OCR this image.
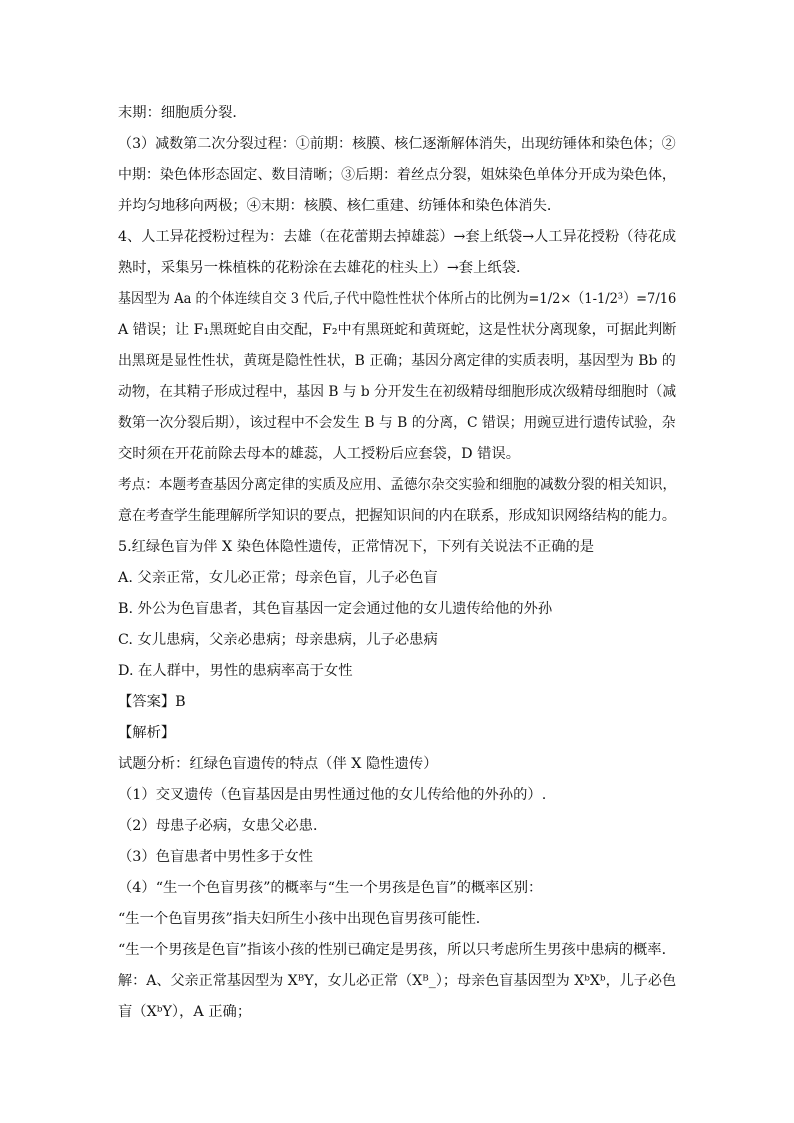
末期：细胞质分裂．
（3）减数第二次分裂过程：①前期：核膜、核仁逐渐解体消失，出现纺锤体和染色体；②
中期：染色体形态固定、数目清晰；③后期：着丝点分裂，姐妹染色单体分开成为染色体，
并均匀地移向两极；④末期：核膜、核仁重建、纺锤体和染色体消失．
4、人工异花授粉过程为：去雄（在花蕾期去掉雄蕊）→套上纸袋→人工异花授粉（待花成
熟时，采集另一株植株的花粉涂在去雄花的柱头上）→套上纸袋．
基因型为 Aa 的个体连续自交 3 代后,子代中隐性性状个体所占的比例为=1/2×（1-1/2³）=7/16
A 错误；让 F₁黑斑蛇自由交配，F₂中有黑斑蛇和黄斑蛇，这是性状分离现象，可据此判断
出黑斑是显性性状，黄斑是隐性性状，B 正确；基因分离定律的实质表明，基因型为 Bb 的
动物，在其精子形成过程中，基因 B 与 b 分开发生在初级精母细胞形成次级精母细胞时（减
数第一次分裂后期），该过程中不会发生 B 与 B 的分离，C 错误；用豌豆进行遗传试验，杂
交时须在开花前除去母本的雄蕊，人工授粉后应套袋，D 错误。
考点：本题考查基因分离定律的实质及应用、孟德尔杂交实验和细胞的减数分裂的相关知识，
意在考查学生能理解所学知识的要点，把握知识间的内在联系，形成知识网络结构的能力。
5.红绿色盲为伴 X 染色体隐性遗传，正常情况下，下列有关说法不正确的是
A. 父亲正常，女儿必正常；母亲色盲，儿子必色盲
B. 外公为色盲患者，其色盲基因一定会通过他的女儿遗传给他的外孙
C. 女儿患病，父亲必患病；母亲患病，儿子必患病
D. 在人群中，男性的患病率高于女性
【答案】B
【解析】
试题分析：红绿色盲遗传的特点（伴 X 隐性遗传）
（1）交叉遗传（色盲基因是由男性通过他的女儿传给他的外孙的）.
（2）母患子必病，女患父必患．
（3）色盲患者中男性多于女性
（4）“生一个色盲男孩”的概率与“生一个男孩是色盲”的概率区别：
“生一个色盲男孩”指夫妇所生小孩中出现色盲男孩可能性．
“生一个男孩是色盲”指该小孩的性别已确定是男孩，所以只考虑所生男孩中患病的概率．
解：A、父亲正常基因型为 XᴮY，女儿必正常（Xᴮ_）；母亲色盲基因型为 XᵇXᵇ，儿子必色
盲（XᵇY），A 正确；
